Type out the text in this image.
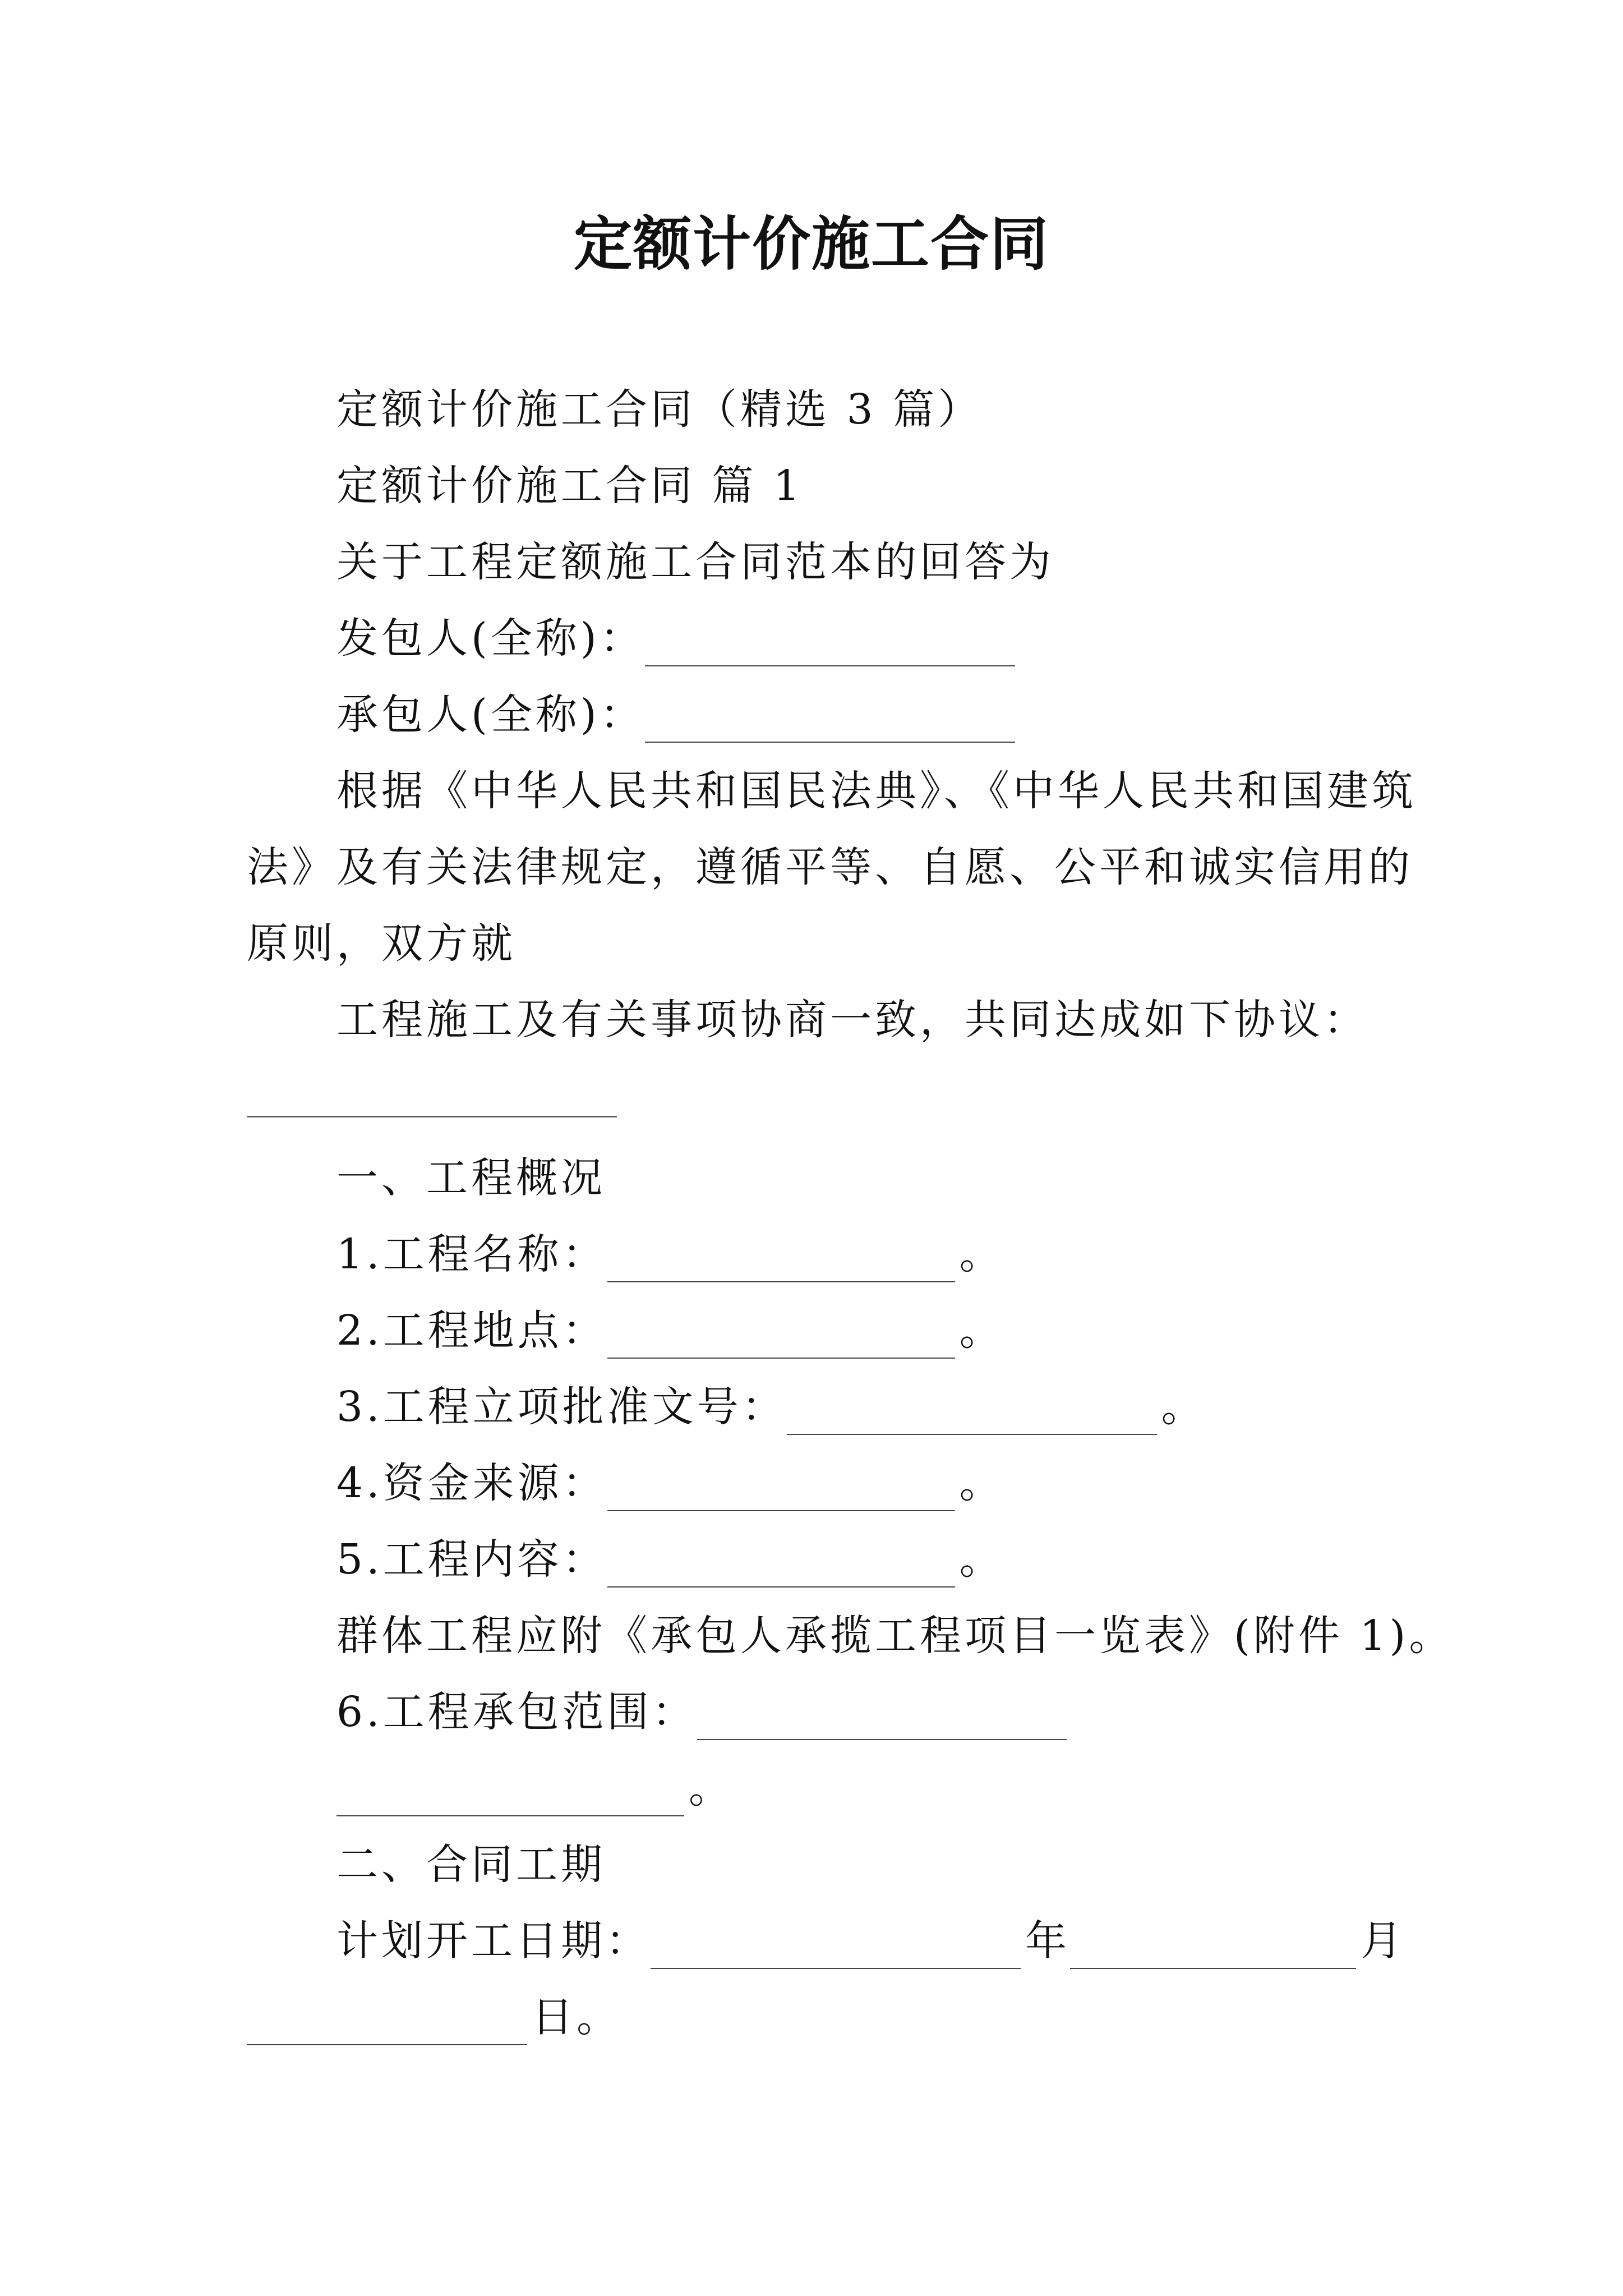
定额计价施工合同
定额计价施工合同（精选 3 篇）
定额计价施工合同 篇 1
关于工程定额施工合同范本的回答为
发包人(全称)：
承包人(全称)：
根据《中华人民共和国民法典》、《中华人民共和国建筑
法》及有关法律规定，遵循平等、自愿、公平和诚实信用的
原则，双方就
工程施工及有关事项协商一致，共同达成如下协议：
一、工程概况
1.工程名称：	。
2.工程地点：	。
3.工程立项批准文号：	。
4.资金来源：	。
5.工程内容：	。
群体工程应附《承包人承揽工程项目一览表》(附件 1)。
6.工程承包范围：
。
二、合同工期
计划开工日期：	年	月
日。
